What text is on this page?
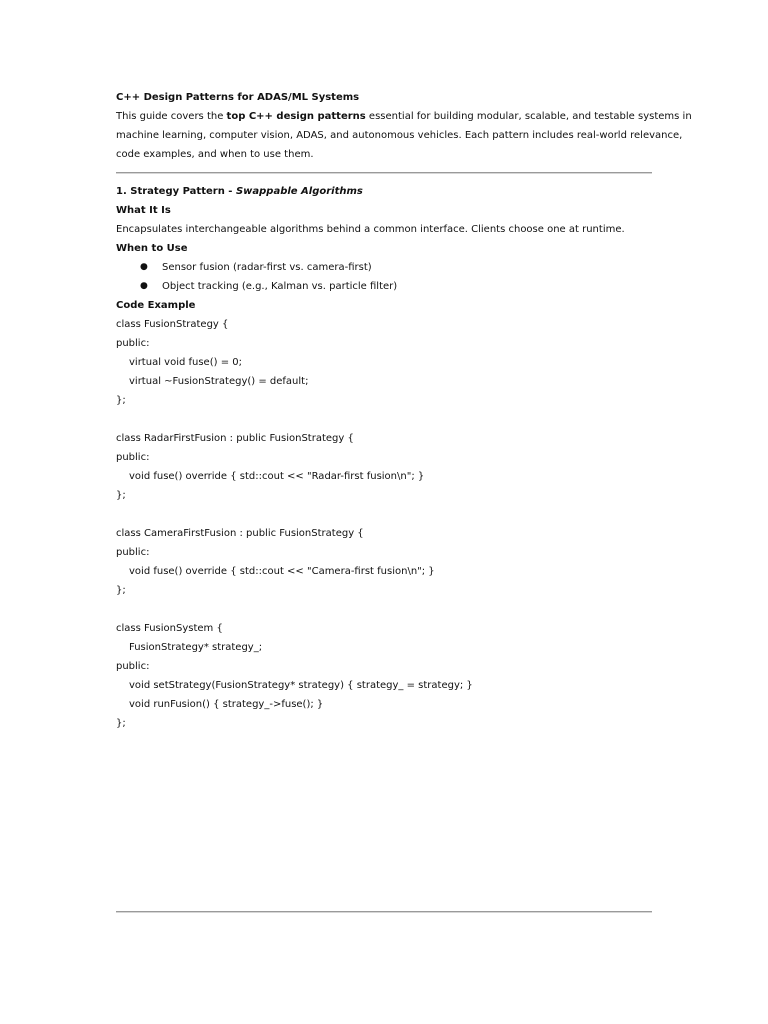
C++ Design Patterns for ADAS/ML Systems
This guide covers the top C++ design patterns essential for building modular, scalable, and testable systems in
machine learning, computer vision, ADAS, and autonomous vehicles. Each pattern includes real-world relevance,
code examples, and when to use them.
1. Strategy Pattern - Swappable Algorithms
What It Is
Encapsulates interchangeable algorithms behind a common interface. Clients choose one at runtime.
When to Use
● Sensor fusion (radar-first vs. camera-first)
● Object tracking (e.g., Kalman vs. particle filter)
Code Example
class FusionStrategy {
public:
virtual void fuse() = 0;
virtual ~FusionStrategy() = default;
};
class RadarFirstFusion : public FusionStrategy {
public:
void fuse() override { std::cout << "Radar-first fusion\n"; }
};
class CameraFirstFusion : public FusionStrategy {
public:
void fuse() override { std::cout << "Camera-first fusion\n"; }
};
class FusionSystem {
FusionStrategy* strategy_;
public:
void setStrategy(FusionStrategy* strategy) { strategy_ = strategy; }
void runFusion() { strategy_->fuse(); }
};
